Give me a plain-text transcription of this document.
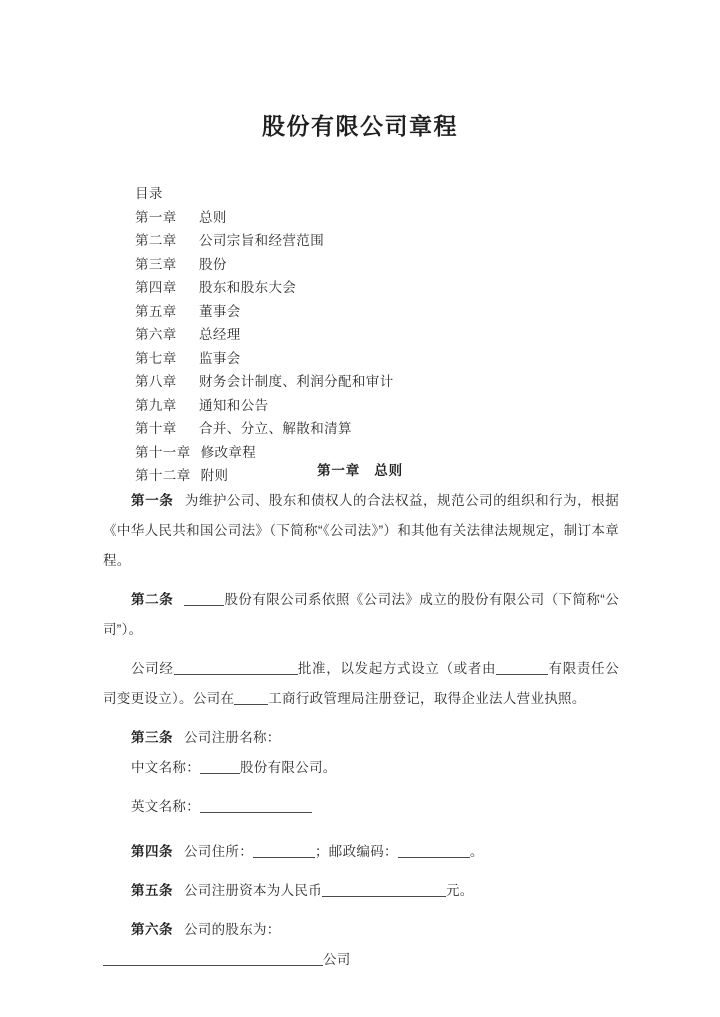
股份有限公司章程
目录
第一章	总则
第二章	公司宗旨和经营范围
第三章	股份
第四章	股东和股东大会
第五章	董事会
第六章	总经理
第七章	监事会
第八章	财务会计制度、利润分配和审计
第九章	通知和公告
第十章	合并、分立、解散和清算
第十一章 修改章程
第十二章 附则	第一章　总则

第一条 为维护公司、股东和债权人的合法权益，规范公司的组织和行为，根据《中华人民共和国公司法》（下简称“《公司法》”）和其他有关法律法规规定，制订本章程。

第二条	股份有限公司系依照《公司法》成立的股份有限公司（下简称“公司”）。

公司经	批准，以发起方式设立（或者由	有限责任公司变更设立）。公司在	工商行政管理局注册登记，取得企业法人营业执照。

第三条 公司注册名称：

中文名称：	股份有限公司。

英文名称：

第四条 公司住所：	；邮政编码：	。

第五条 公司注册资本为人民币	元。

第六条 公司的股东为：

公司
